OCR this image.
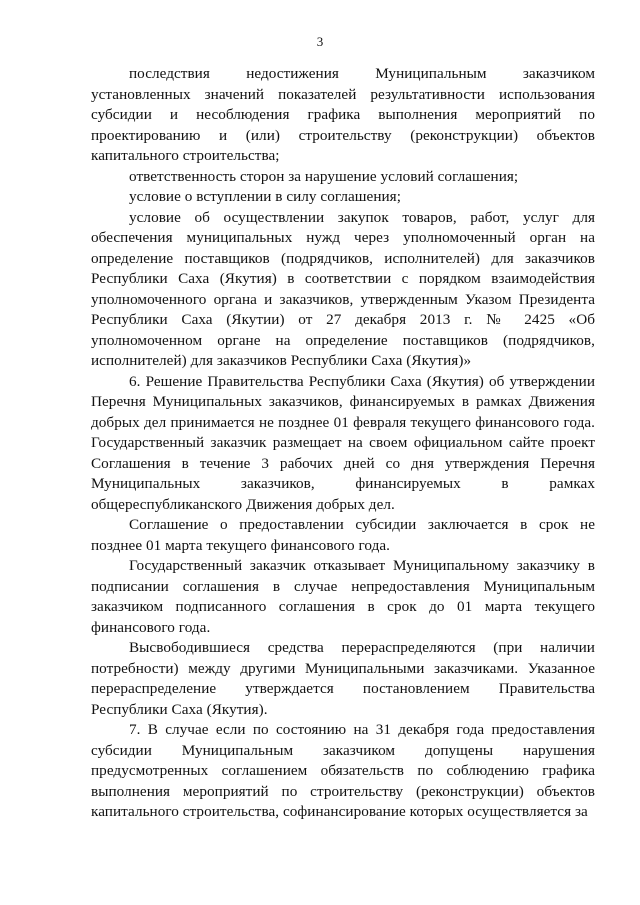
3

последствия недостижения Муниципальным заказчиком установленных значений показателей результативности использования субсидии и несоблюдения графика выполнения мероприятий по проектированию и (или) строительству (реконструкции) объектов капитального строительства;

ответственность сторон за нарушение условий соглашения;

условие о вступлении в силу соглашения;

условие об осуществлении закупок товаров, работ, услуг для обеспечения муниципальных нужд через уполномоченный орган на определение поставщиков (подрядчиков, исполнителей) для заказчиков Республики Саха (Якутия) в соответствии с порядком взаимодействия уполномоченного органа и заказчиков, утвержденным Указом Президента Республики Саха (Якутии) от 27 декабря 2013 г. № 2425 «Об уполномоченном органе на определение поставщиков (подрядчиков, исполнителей) для заказчиков Республики Саха (Якутия)»

6. Решение Правительства Республики Саха (Якутия) об утверждении Перечня Муниципальных заказчиков, финансируемых в рамках Движения добрых дел принимается не позднее 01 февраля текущего финансового года. Государственный заказчик размещает на своем официальном сайте проект Соглашения в течение 3 рабочих дней со дня утверждения Перечня Муниципальных заказчиков, финансируемых в рамках общереспубликанского Движения добрых дел.

Соглашение о предоставлении субсидии заключается в срок не позднее 01 марта текущего финансового года.

Государственный заказчик отказывает Муниципальному заказчику в подписании соглашения в случае непредоставления Муниципальным заказчиком подписанного соглашения в срок до 01 марта текущего финансового года.

Высвободившиеся средства перераспределяются (при наличии потребности) между другими Муниципальными заказчиками. Указанное перераспределение утверждается постановлением Правительства Республики Саха (Якутия).

7. В случае если по состоянию на 31 декабря года предоставления субсидии Муниципальным заказчиком допущены нарушения предусмотренных соглашением обязательств по соблюдению графика выполнения мероприятий по строительству (реконструкции) объектов капитального строительства, софинансирование которых осуществляется за
